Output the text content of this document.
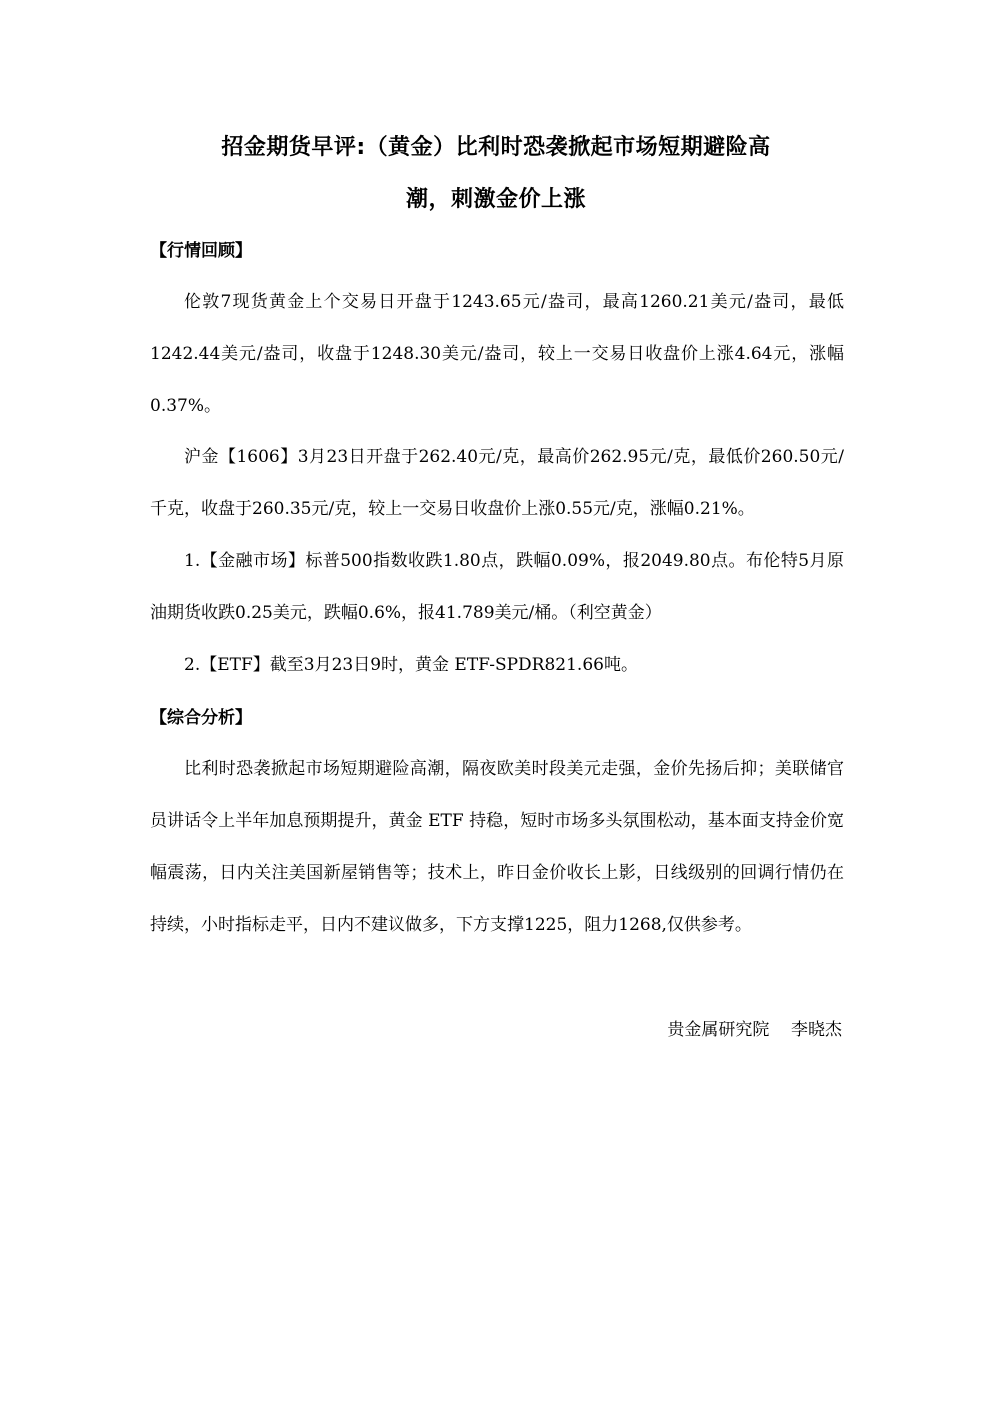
招金期货早评:（黄金）比利时恐袭掀起市场短期避险高
潮，刺激金价上涨
【行情回顾】

伦敦7现货黄金上个交易日开盘于1243.65元/盎司，最高1260.21美元/盎司，最低1242.44美元/盎司，收盘于1248.30美元/盎司，较上一交易日收盘价上涨4.64元，涨幅0.37%。

沪金【1606】3月23日开盘于262.40元/克，最高价262.95元/克，最低价260.50元/千克，收盘于260.35元/克，较上一交易日收盘价上涨0.55元/克，涨幅0.21%。

1.【金融市场】标普500指数收跌1.80点，跌幅0.09%，报2049.80点。布伦特5月原油期货收跌0.25美元，跌幅0.6%，报41.789美元/桶。（利空黄金）

2.【ETF】截至3月23日9时，黄金 ETF-SPDR821.66吨。

【综合分析】

比利时恐袭掀起市场短期避险高潮，隔夜欧美时段美元走强，金价先扬后抑；美联储官员讲话令上半年加息预期提升，黄金 ETF 持稳，短时市场多头氛围松动，基本面支持金价宽幅震荡，日内关注美国新屋销售等；技术上，昨日金价收长上影，日线级别的回调行情仍在持续，小时指标走平，日内不建议做多，下方支撑1225，阻力1268,仅供参考。

贵金属研究院    李晓杰
